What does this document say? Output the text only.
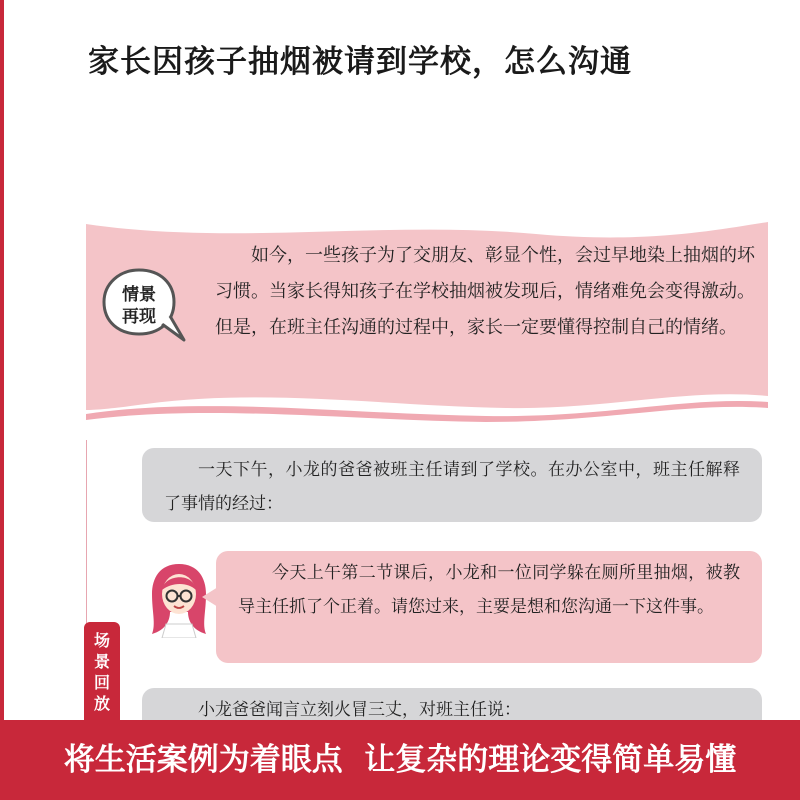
家长因孩子抽烟被请到学校，怎么沟通
情景
再现
如今，一些孩子为了交朋友、彰显个性，会过早地染上抽烟的坏习惯。当家长得知孩子在学校抽烟被发现后，情绪难免会变得激动。但是，在班主任沟通的过程中，家长一定要懂得控制自己的情绪。
场景回放
一天下午，小龙的爸爸被班主任请到了学校。在办公室中，班主任解释了事情的经过：
今天上午第二节课后，小龙和一位同学躲在厕所里抽烟，被教导主任抓了个正着。请您过来，主要是想和您沟通一下这件事。
小龙爸爸闻言立刻火冒三丈，对班主任说：
将生活案例为着眼点  让复杂的理论变得简单易懂
